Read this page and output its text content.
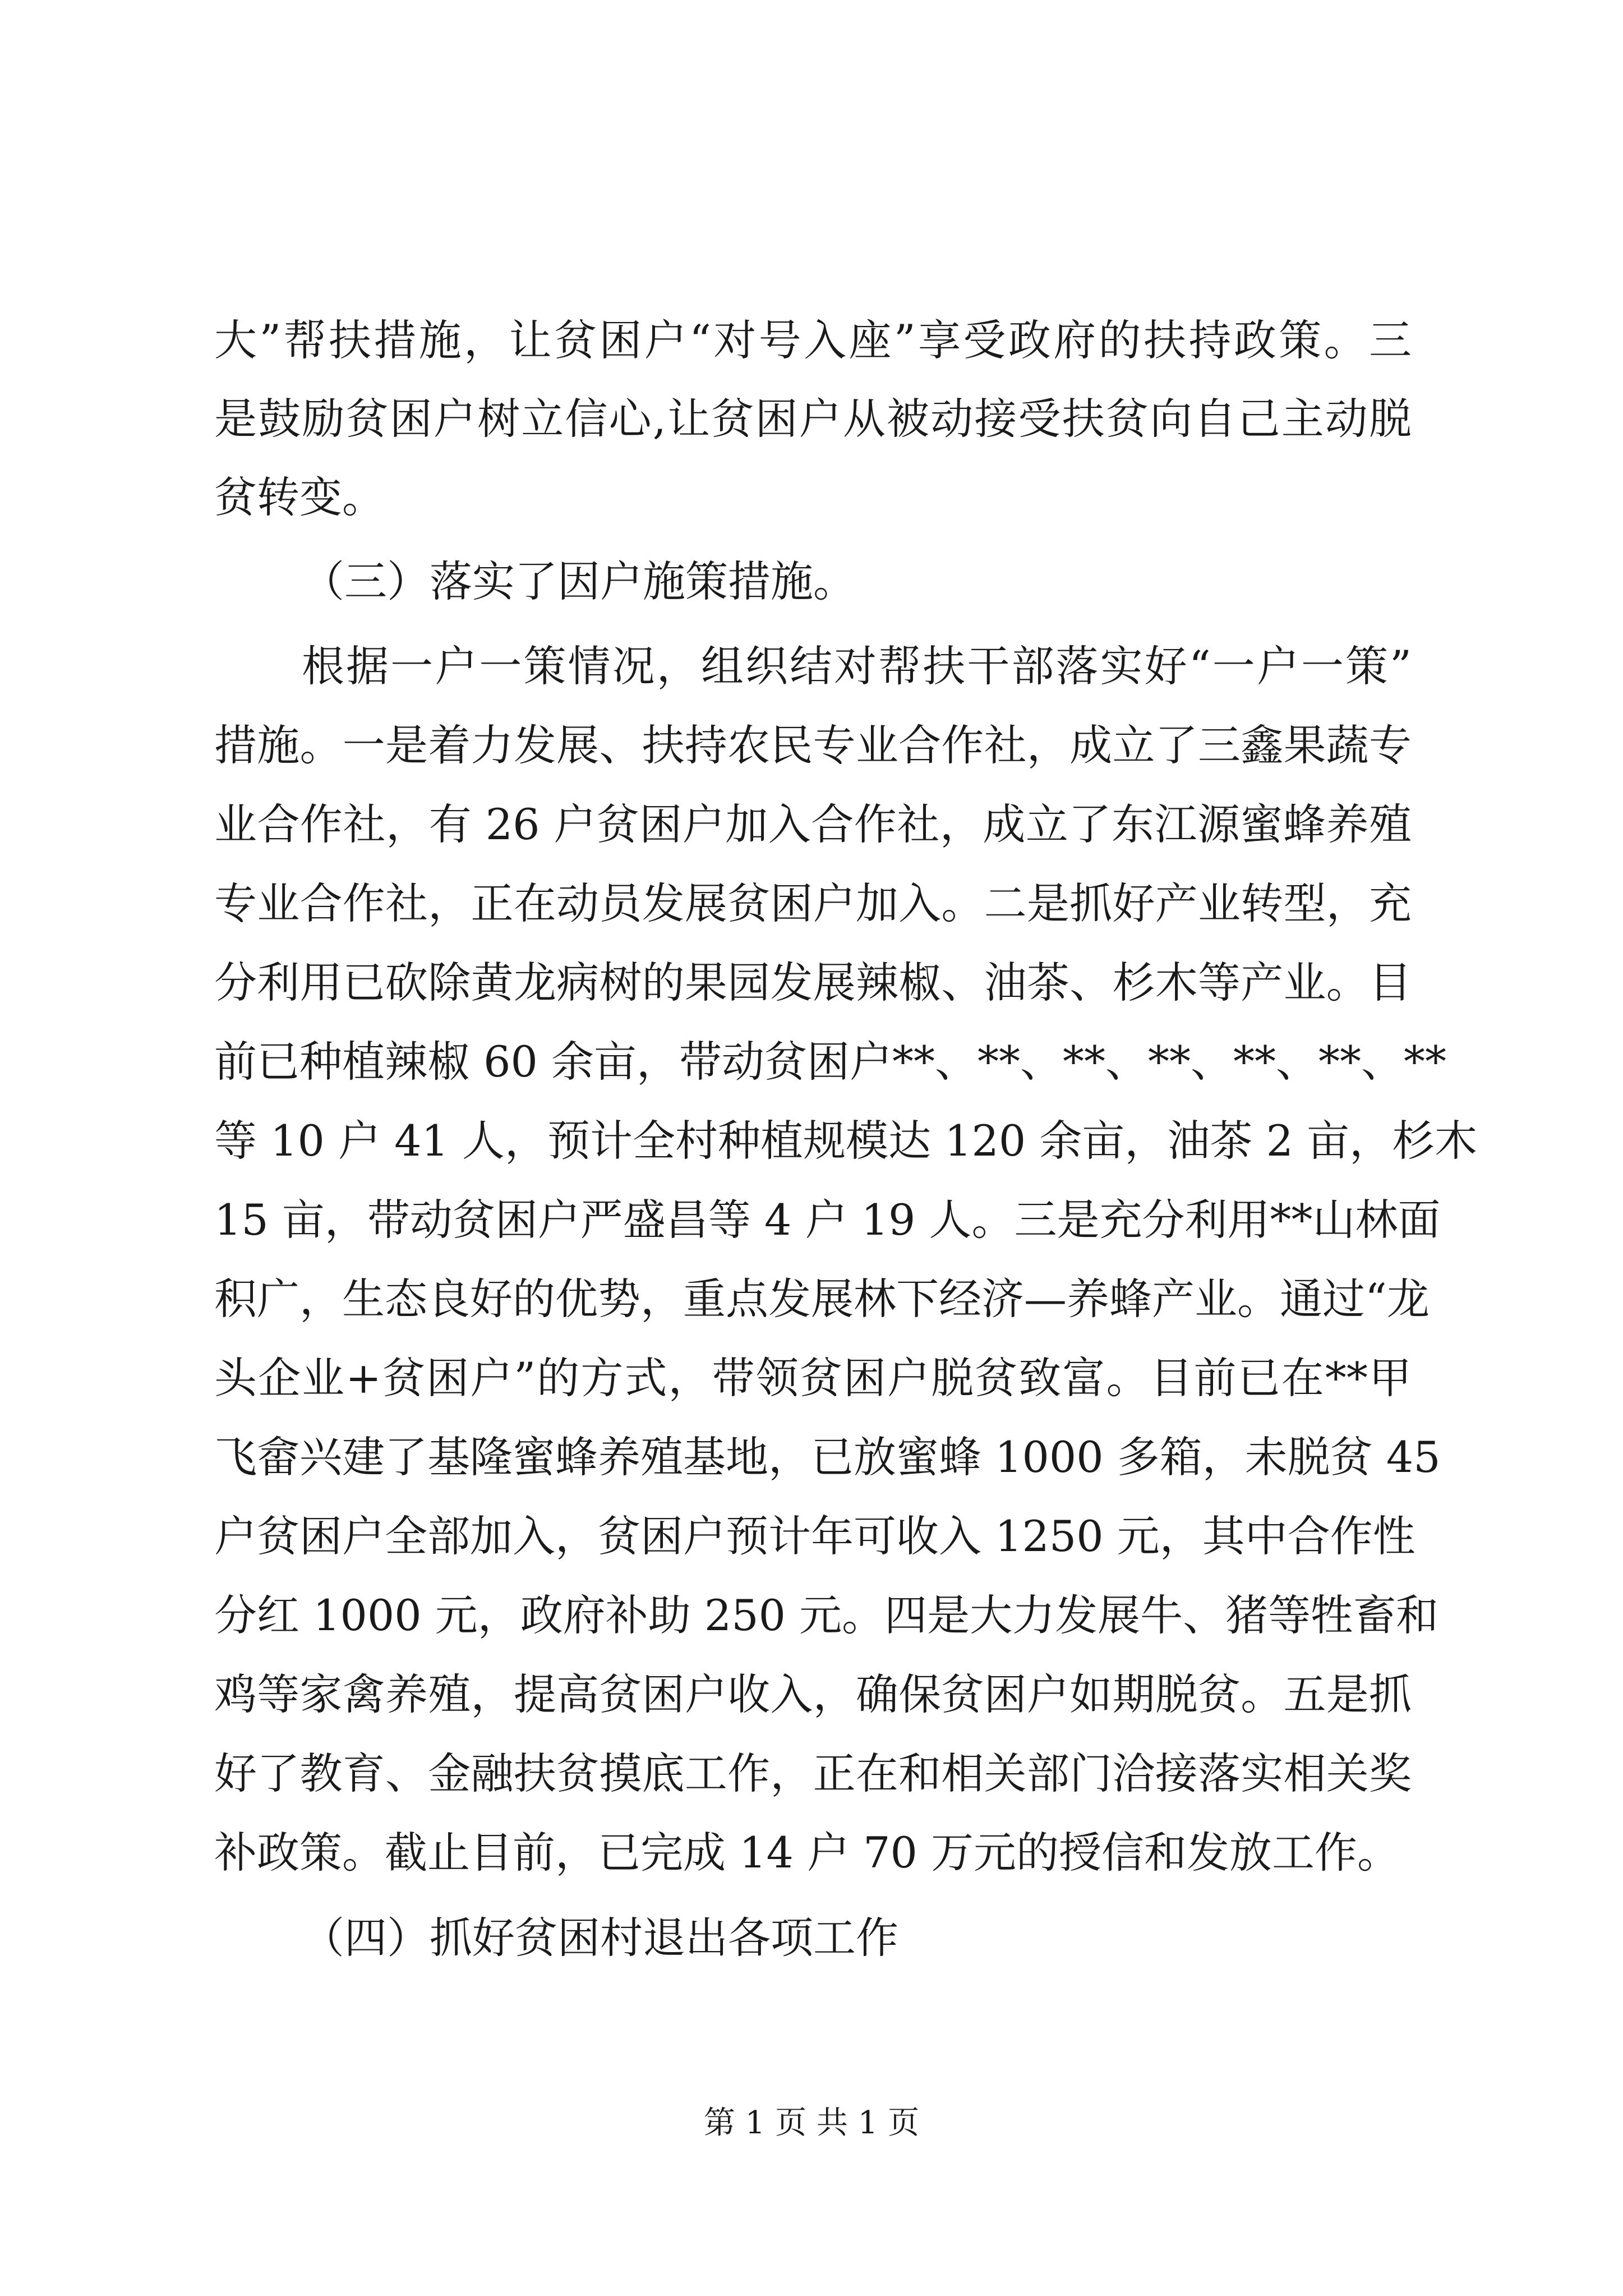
大”帮扶措施，让贫困户“对号入座”享受政府的扶持政策。三
是鼓励贫困户树立信心,让贫困户从被动接受扶贫向自己主动脱
贫转变。
（三）落实了因户施策措施。
根据一户一策情况，组织结对帮扶干部落实好“一户一策”
措施。一是着力发展、扶持农民专业合作社，成立了三鑫果蔬专
业合作社，有 26 户贫困户加入合作社，成立了东江源蜜蜂养殖
专业合作社，正在动员发展贫困户加入。二是抓好产业转型，充
分利用已砍除黄龙病树的果园发展辣椒、油茶、杉木等产业。目
前已种植辣椒 60 余亩，带动贫困户**、**、**、**、**、**、**
等 10 户 41 人，预计全村种植规模达 120 余亩，油茶 2 亩，杉木
15 亩，带动贫困户严盛昌等 4 户 19 人。三是充分利用**山林面
积广，生态良好的优势，重点发展林下经济—养蜂产业。通过“龙
头企业+贫困户”的方式，带领贫困户脱贫致富。目前已在**甲
飞畲兴建了基隆蜜蜂养殖基地，已放蜜蜂 1000 多箱，未脱贫 45
户贫困户全部加入，贫困户预计年可收入 1250 元，其中合作性
分红 1000 元，政府补助 250 元。四是大力发展牛、猪等牲畜和
鸡等家禽养殖，提高贫困户收入，确保贫困户如期脱贫。五是抓
好了教育、金融扶贫摸底工作，正在和相关部门洽接落实相关奖
补政策。截止目前，已完成 14 户 70 万元的授信和发放工作。
（四）抓好贫困村退出各项工作
第 1 页 共 1 页
